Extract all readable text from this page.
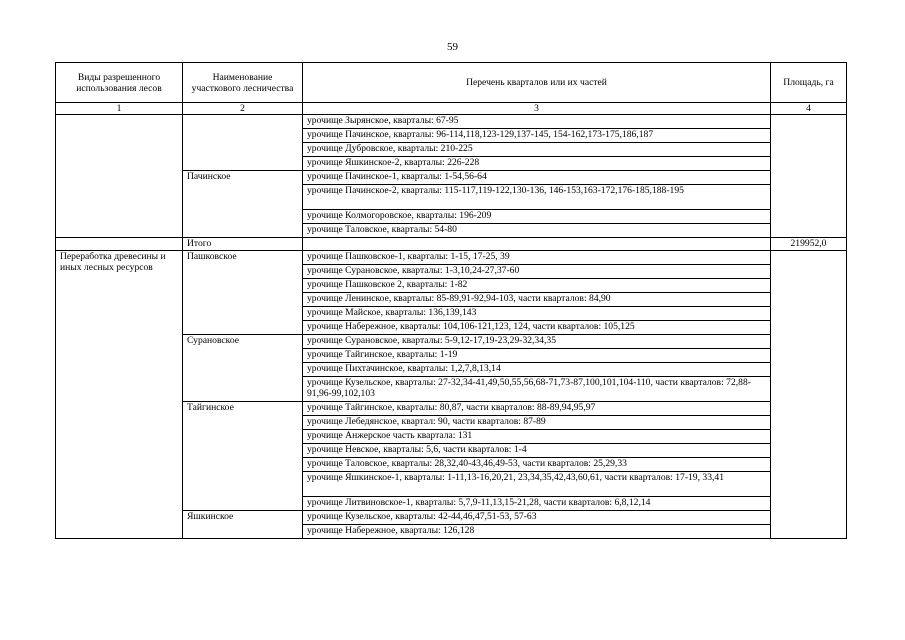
59
Виды разрешенного использования лесов	Наименование участкового лесничества	Перечень кварталов или их частей	Площадь, га
1	2	3	4
		урочище Зырянское, кварталы: 67-95	
		урочище Пачинское, кварталы: 96-114,118,123-129,137-145, 154-162,173-175,186,187	
		урочище Дубровское, кварталы: 210-225	
		урочище Яшкинское-2, кварталы: 226-228	
	Пачинское	урочище Пачинское-1, кварталы: 1-54,56-64	
		урочище Пачинское-2, кварталы: 115-117,119-122,130-136, 146-153,163-172,176-185,188-195	
		урочище Колмогоровское, кварталы: 196-209	
		урочище Таловское, кварталы: 54-80	
	Итого		219952,0
Переработка древесины и иных лесных ресурсов	Пашковское	урочище Пашковское-1, кварталы: 1-15, 17-25, 39	
		урочище Сурановское, кварталы: 1-3,10,24-27,37-60	
		урочище Пашковское 2, кварталы: 1-82	
		урочище Ленинское, кварталы: 85-89,91-92,94-103, части кварталов: 84,90	
		урочище Майское, кварталы: 136,139,143	
		урочище Набережное, кварталы: 104,106-121,123, 124, части кварталов: 105,125	
	Сурановское	урочище Сурановское, кварталы: 5-9,12-17,19-23,29-32,34,35	
		урочище Тайгинское, кварталы: 1-19	
		урочище Пихтачинское, кварталы: 1,2,7,8,13,14	
		урочище Кузельское, кварталы: 27-32,34-41,49,50,55,56,68-71,73-87,100,101,104-110, части кварталов: 72,88-91,96-99,102,103	
	Тайгинское	урочище Тайгинское, кварталы: 80,87, части кварталов: 88-89,94,95,97	
		урочище Лебедянское, квартал: 90, части кварталов: 87-89	
		урочище Анжерское часть квартала: 131	
		урочище Невское, кварталы: 5,6, части кварталов: 1-4	
		урочище Таловское, кварталы: 28,32,40-43,46,49-53, части кварталов: 25,29,33	
		урочище Яшкинское-1, кварталы: 1-11,13-16,20,21, 23,34,35,42,43,60,61, части кварталов: 17-19, 33,41	
		урочище Литвиновское-1, кварталы: 5,7,9-11,13,15-21,28, части кварталов: 6,8,12,14	
	Яшкинское	урочище Кузельское, кварталы: 42-44,46,47,51-53, 57-63	
		урочище Набережное, кварталы: 126,128	
